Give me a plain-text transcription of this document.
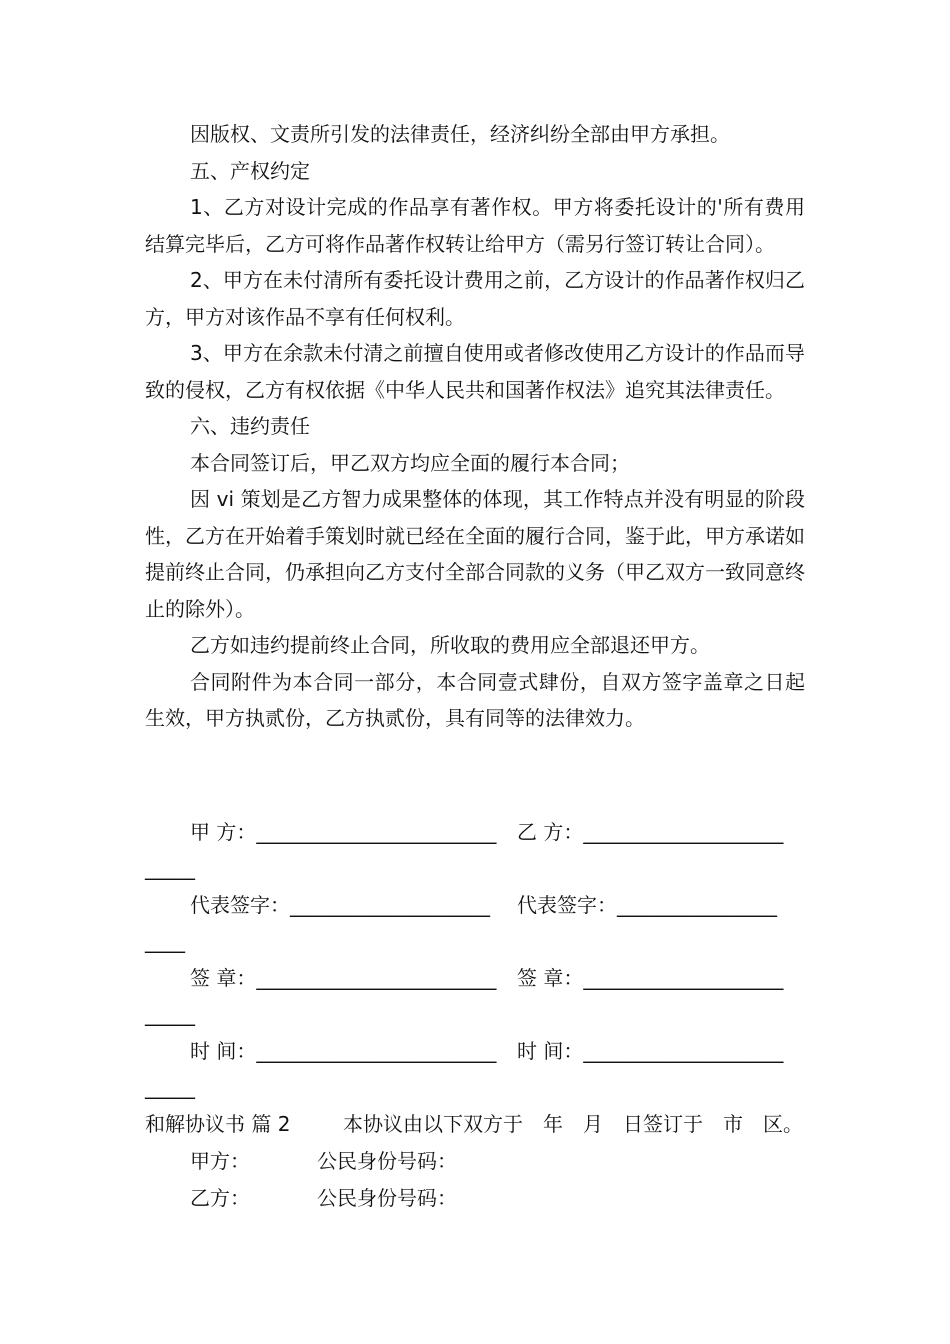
因版权、文责所引发的法律责任，经济纠纷全部由甲方承担。
五、产权约定
1、乙方对设计完成的作品享有著作权。甲方将委托设计的'所有费用结算完毕后，乙方可将作品著作权转让给甲方（需另行签订转让合同）。
2、甲方在未付清所有委托设计费用之前，乙方设计的作品著作权归乙方，甲方对该作品不享有任何权利。
3、甲方在余款未付清之前擅自使用或者修改使用乙方设计的作品而导致的侵权，乙方有权依据《中华人民共和国著作权法》追究其法律责任。
六、违约责任
本合同签订后，甲乙双方均应全面的履行本合同；
因 vi 策划是乙方智力成果整体的体现，其工作特点并没有明显的阶段性，乙方在开始着手策划时就已经在全面的履行合同，鉴于此，甲方承诺如提前终止合同，仍承担向乙方支付全部合同款的义务（甲乙双方一致同意终止的除外）。
乙方如违约提前终止合同，所收取的费用应全部退还甲方。
合同附件为本合同一部分，本合同壹式肆份，自双方签字盖章之日起生效，甲方执贰份，乙方执贰份，具有同等的法律效力。
甲 方：________________________ 乙 方：____________________
_____
代表签字：____________________ 代表签字：________________
____
签 章：________________________ 签 章：____________________
_____
时 间：________________________ 时 间：____________________
_____
和解协议书 篇 2	本协议由以下双方于　年　月　日签订于　市　区。
甲方：	公民身份号码：
乙方：	公民身份号码：
